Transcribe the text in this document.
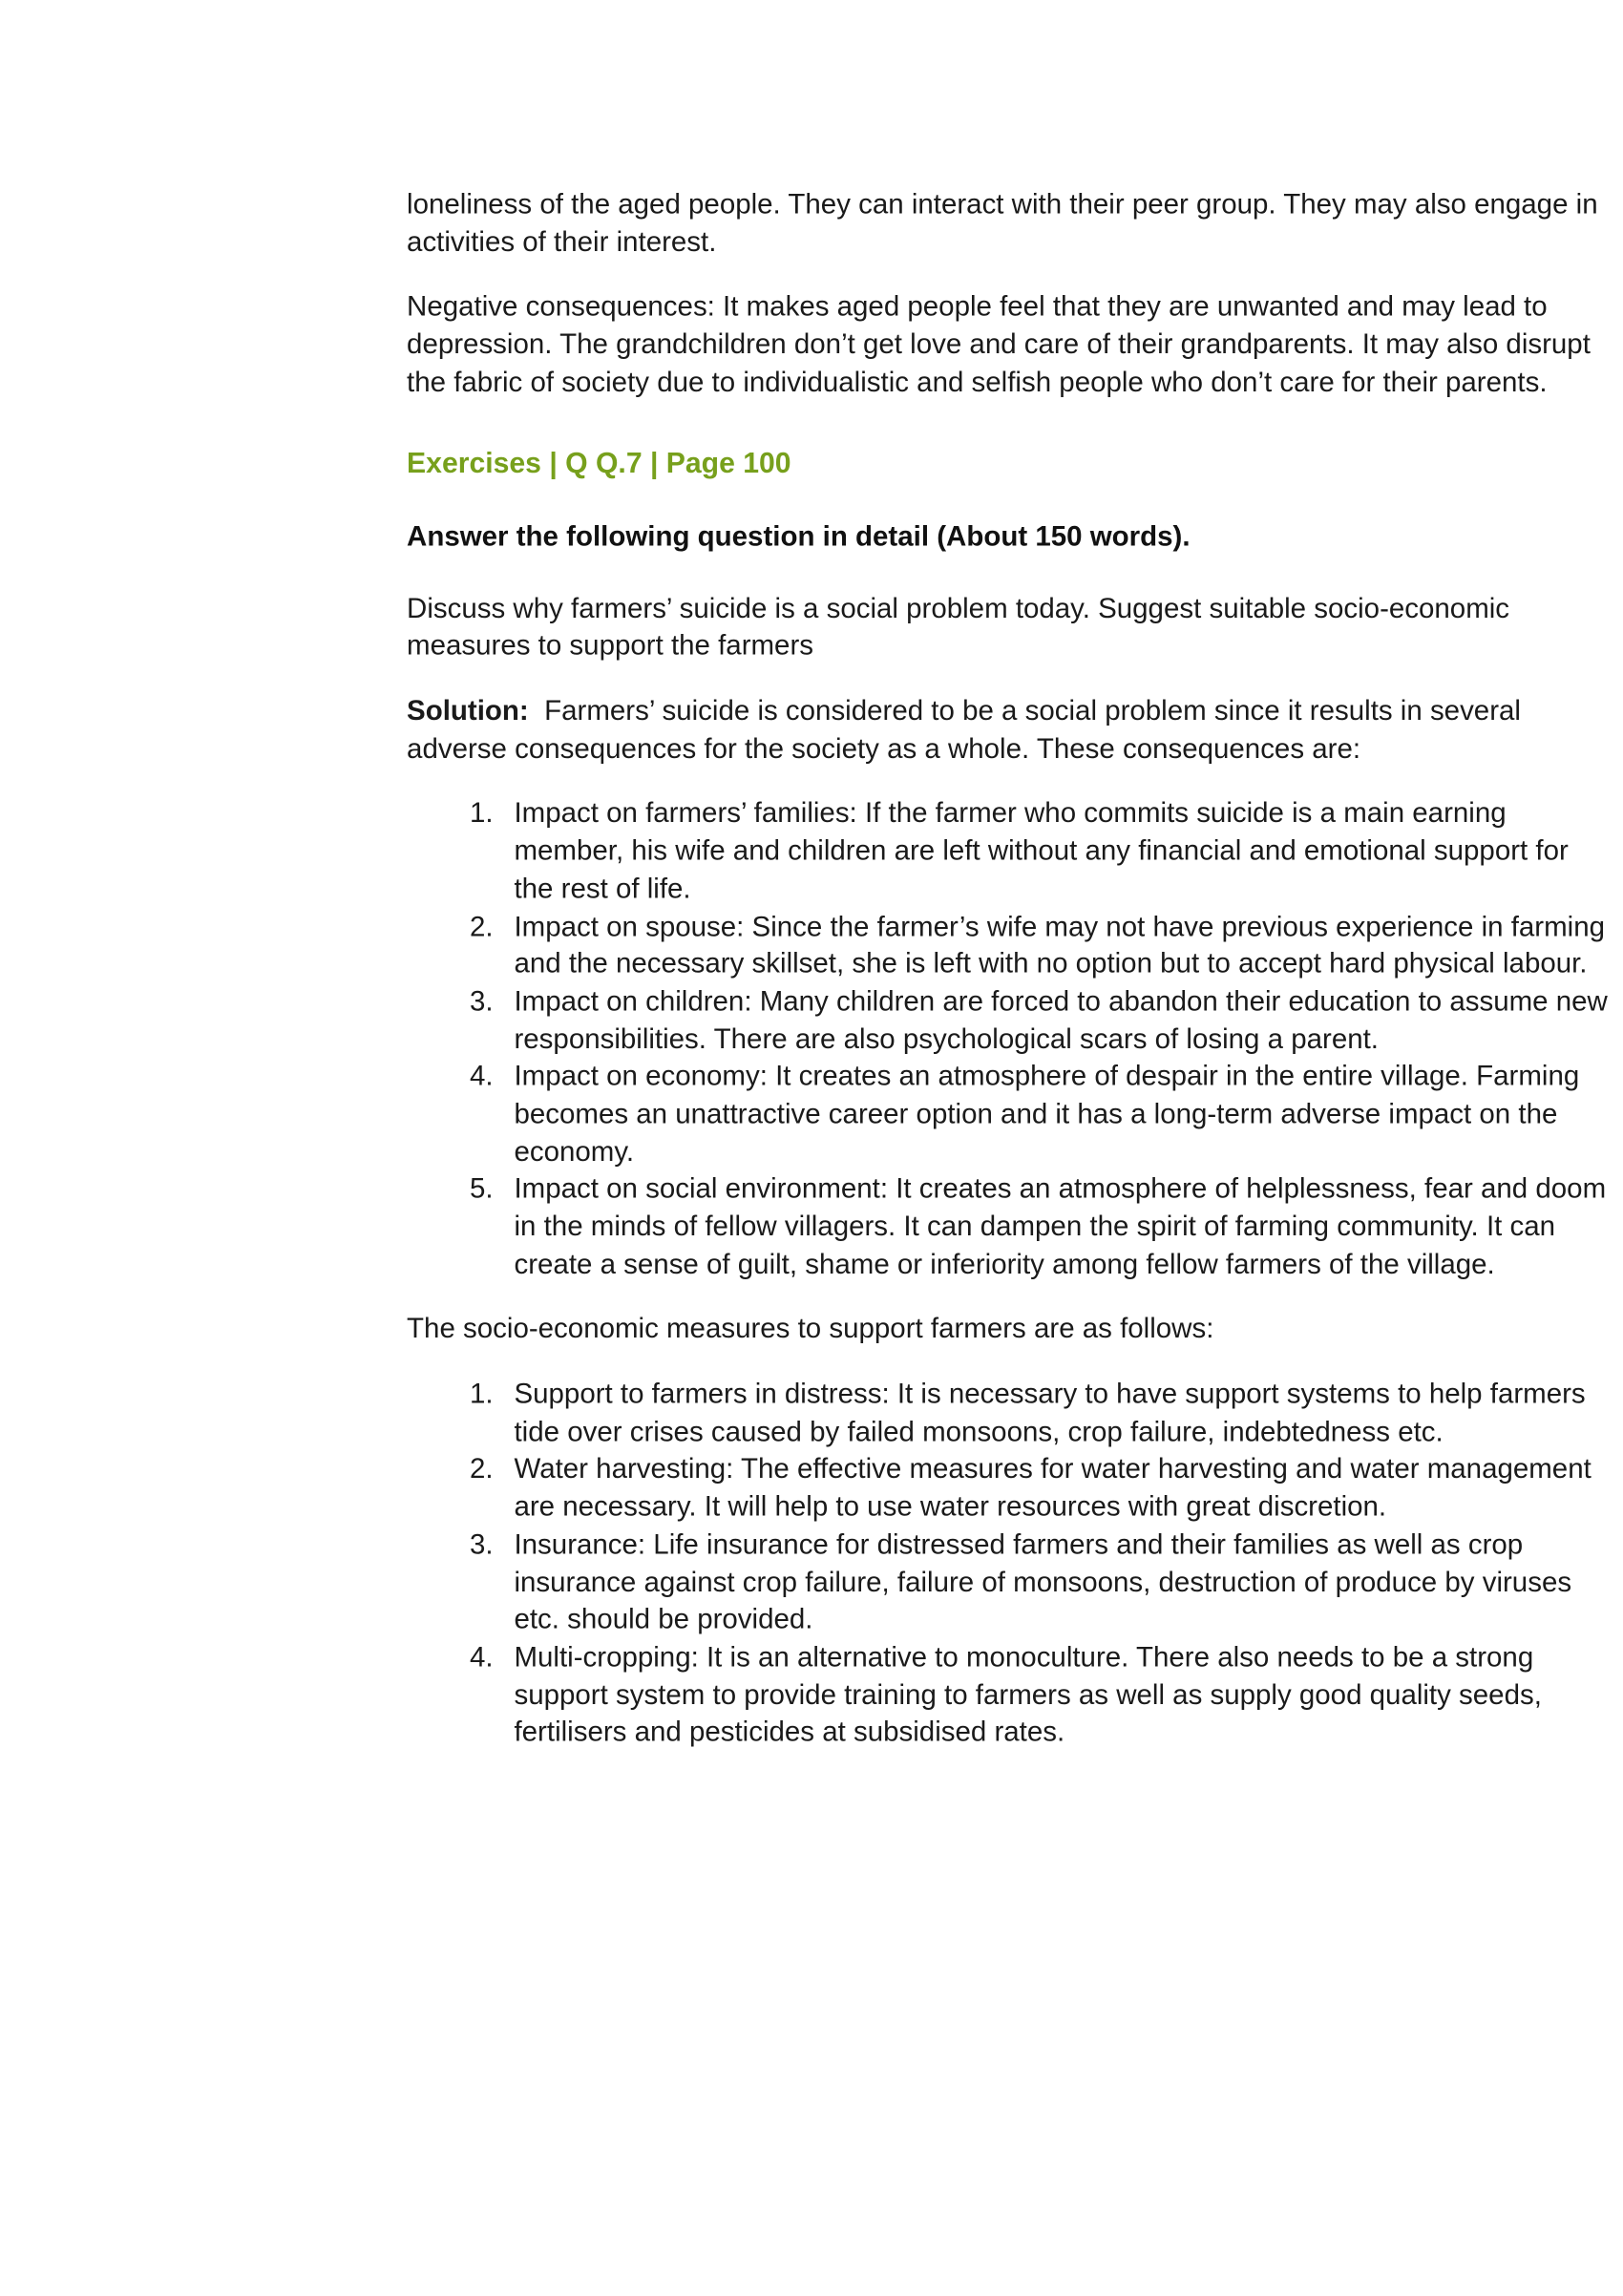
loneliness of the aged people. They can interact with their peer group. They may also engage in activities of their interest.

Negative consequences: It makes aged people feel that they are unwanted and may lead to depression. The grandchildren don’t get love and care of their grandparents. It may also disrupt the fabric of society due to individualistic and selfish people who don’t care for their parents.

Exercises | Q Q.7 | Page 100
Answer the following question in detail (About 150 words).

Discuss why farmers’ suicide is a social problem today. Suggest suitable socio-economic measures to support the farmers

Solution:  Farmers’ suicide is considered to be a social problem since it results in several adverse consequences for the society as a whole. These consequences are:

1. Impact on farmers’ families: If the farmer who commits suicide is a main earning member, his wife and children are left without any financial and emotional support for the rest of life.
2. Impact on spouse: Since the farmer’s wife may not have previous experience in farming and the necessary skillset, she is left with no option but to accept hard physical labour.
3. Impact on children: Many children are forced to abandon their education to assume new responsibilities. There are also psychological scars of losing a parent.
4. Impact on economy: It creates an atmosphere of despair in the entire village. Farming becomes an unattractive career option and it has a long-term adverse impact on the economy.
5. Impact on social environment: It creates an atmosphere of helplessness, fear and doom in the minds of fellow villagers. It can dampen the spirit of farming community. It can create a sense of guilt, shame or inferiority among fellow farmers of the village.

The socio-economic measures to support farmers are as follows:

1. Support to farmers in distress: It is necessary to have support systems to help farmers tide over crises caused by failed monsoons, crop failure, indebtedness etc.
2. Water harvesting: The effective measures for water harvesting and water management are necessary. It will help to use water resources with great discretion.
3. Insurance: Life insurance for distressed farmers and their families as well as crop insurance against crop failure, failure of monsoons, destruction of produce by viruses etc. should be provided.
4. Multi-cropping: It is an alternative to monoculture. There also needs to be a strong support system to provide training to farmers as well as supply good quality seeds, fertilisers and pesticides at subsidised rates.
